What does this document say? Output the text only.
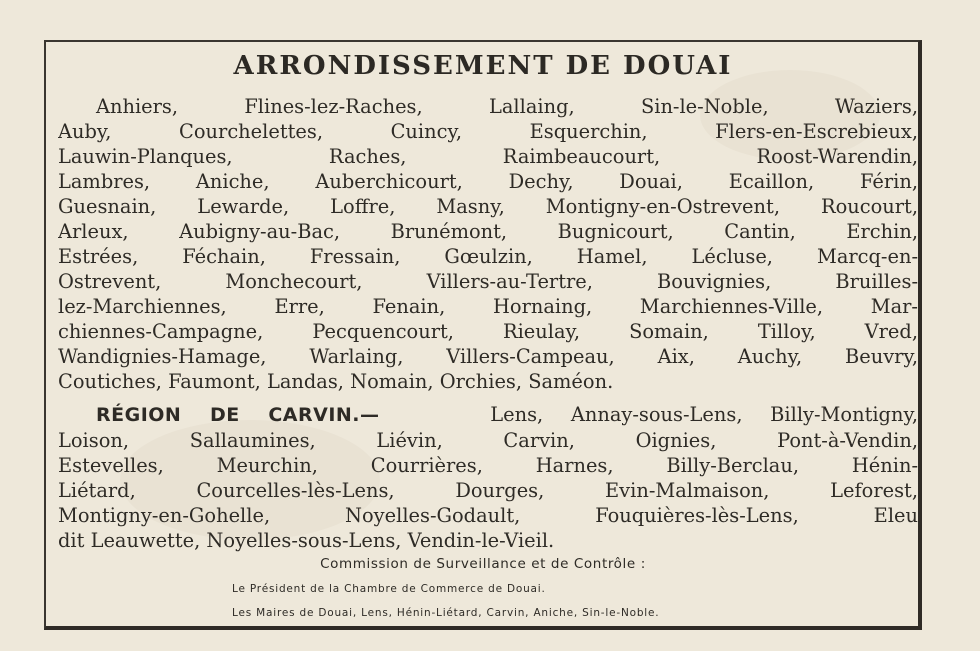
ARRONDISSEMENT DE DOUAI
Anhiers, Flines-lez-Raches, Lallaing, Sin-le-Noble, Waziers,
Auby, Courchelettes, Cuincy, Esquerchin, Flers-en-Escrebieux,
Lauwin-Planques, Raches, Raimbeaucourt, Roost-Warendin,
Lambres, Aniche, Auberchicourt, Dechy, Douai, Ecaillon, Férin,
Guesnain, Lewarde, Loffre, Masny, Montigny-en-Ostrevent, Roucourt,
Arleux, Aubigny-au-Bac, Brunémont, Bugnicourt, Cantin, Erchin,
Estrées, Féchain, Fressain, Gœulzin, Hamel, Lécluse, Marcq-en-
Ostrevent, Monchecourt, Villers-au-Tertre, Bouvignies, Bruilles-
lez-Marchiennes, Erre, Fenain, Hornaing, Marchiennes-Ville, Mar-
chiennes-Campagne, Pecquencourt, Rieulay, Somain, Tilloy, Vred,
Wandignies-Hamage, Warlaing, Villers-Campeau, Aix, Auchy, Beuvry,
Coutiches, Faumont, Landas, Nomain, Orchies, Saméon.
RÉGION DE CARVIN.—	Lens, Annay-sous-Lens, Billy-Montigny,
Loison, Sallaumines, Liévin, Carvin, Oignies, Pont-à-Vendin,
Estevelles, Meurchin, Courrières, Harnes, Billy-Berclau, Hénin-
Liétard, Courcelles-lès-Lens, Dourges, Evin-Malmaison, Leforest,
Montigny-en-Gohelle, Noyelles-Godault, Fouquières-lès-Lens, Eleu
dit Leauwette, Noyelles-sous-Lens, Vendin-le-Vieil.
Commission de Surveillance et de Contrôle :
Le Président de la Chambre de Commerce de Douai.
Les Maires de Douai, Lens, Hénin-Liétard, Carvin, Aniche, Sin-le-Noble.
